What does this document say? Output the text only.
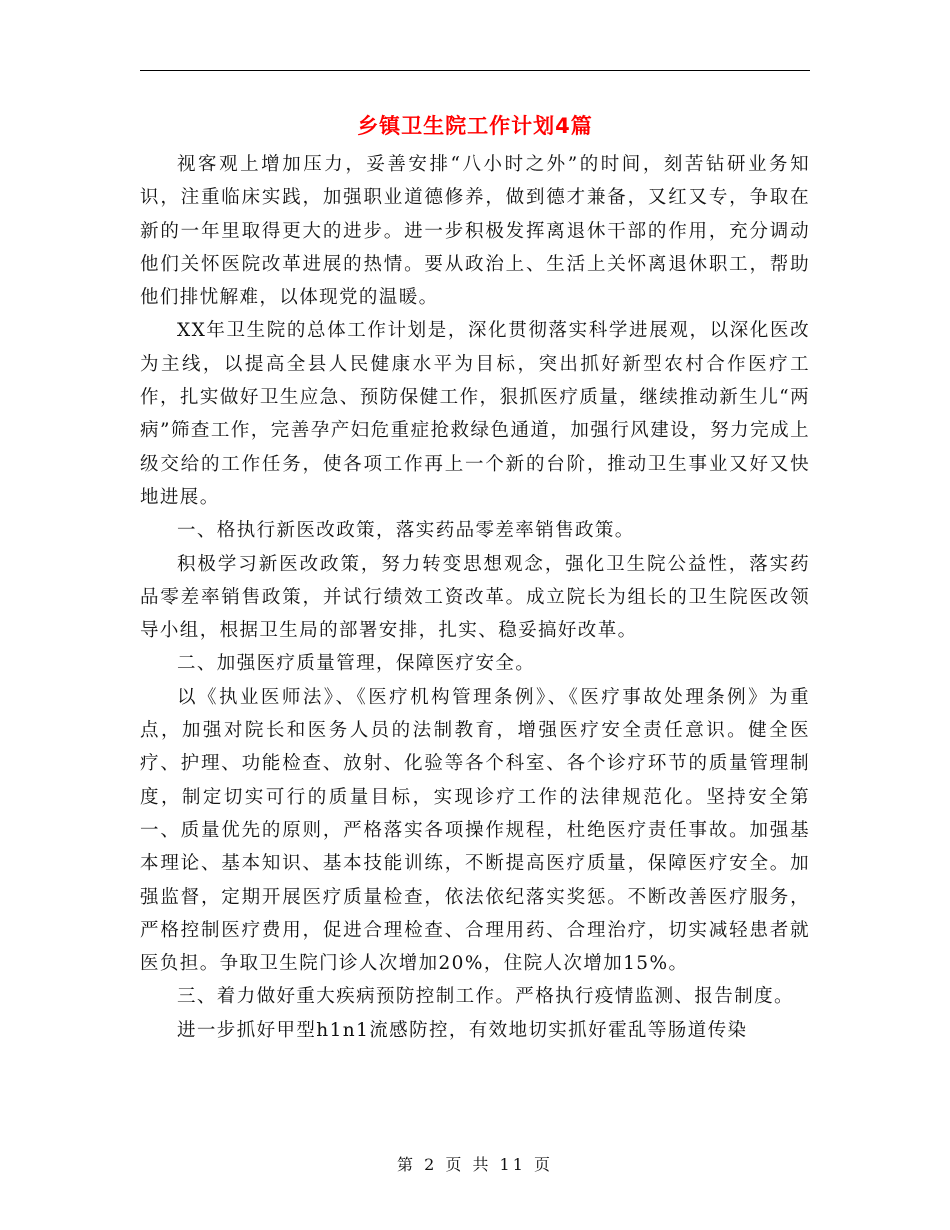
乡镇卫生院工作计划4篇

视客观上增加压力，妥善安排“八小时之外”的时间，刻苦钻研业务知识，注重临床实践，加强职业道德修养，做到德才兼备，又红又专，争取在新的一年里取得更大的进步。进一步积极发挥离退休干部的作用，充分调动他们关怀医院改革进展的热情。要从政治上、生活上关怀离退休职工，帮助他们排忧解难，以体现党的温暖。

XX年卫生院的总体工作计划是，深化贯彻落实科学进展观，以深化医改为主线，以提高全县人民健康水平为目标，突出抓好新型农村合作医疗工作，扎实做好卫生应急、预防保健工作，狠抓医疗质量，继续推动新生儿“两病”筛查工作，完善孕产妇危重症抢救绿色通道，加强行风建设，努力完成上级交给的工作任务，使各项工作再上一个新的台阶，推动卫生事业又好又快地进展。

一、格执行新医改政策，落实药品零差率销售政策。

积极学习新医改政策，努力转变思想观念，强化卫生院公益性，落实药品零差率销售政策，并试行绩效工资改革。成立院长为组长的卫生院医改领导小组，根据卫生局的部署安排，扎实、稳妥搞好改革。

二、加强医疗质量管理，保障医疗安全。

以《执业医师法》、《医疗机构管理条例》、《医疗事故处理条例》为重点，加强对院长和医务人员的法制教育，增强医疗安全责任意识。健全医疗、护理、功能检查、放射、化验等各个科室、各个诊疗环节的质量管理制度，制定切实可行的质量目标，实现诊疗工作的法律规范化。坚持安全第一、质量优先的原则，严格落实各项操作规程，杜绝医疗责任事故。加强基本理论、基本知识、基本技能训练，不断提高医疗质量，保障医疗安全。加强监督，定期开展医疗质量检查，依法依纪落实奖惩。不断改善医疗服务，严格控制医疗费用，促进合理检查、合理用药、合理治疗，切实减轻患者就医负担。争取卫生院门诊人次增加20%，住院人次增加15%。

三、着力做好重大疾病预防控制工作。严格执行疫情监测、报告制度。

进一步抓好甲型h1n1流感防控，有效地切实抓好霍乱等肠道传染

第 2 页 共 11 页
